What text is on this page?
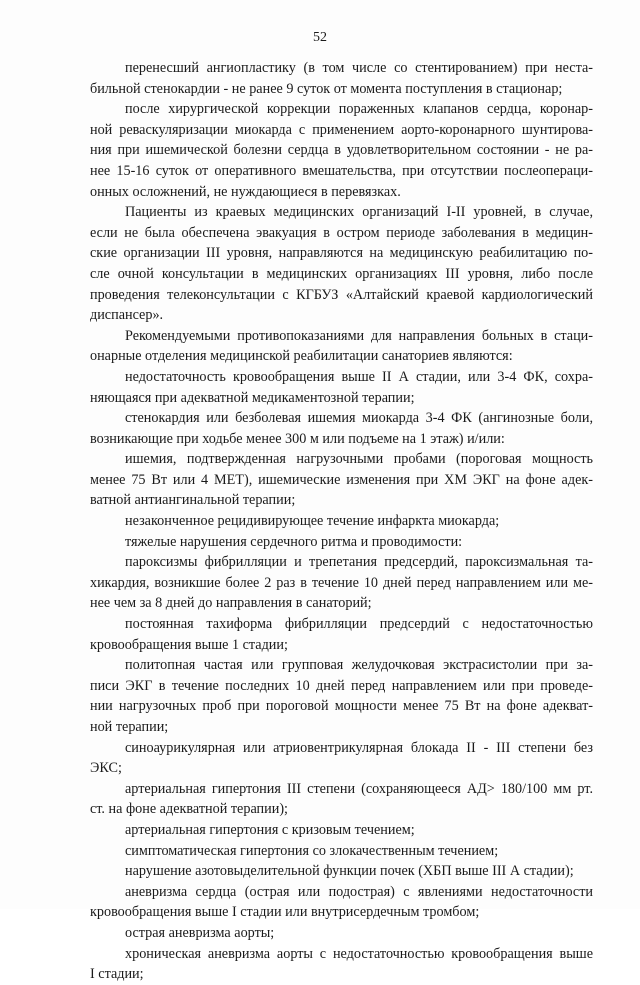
52
перенесший ангиопластику (в том числе со стентированием) при неста-
бильной стенокардии - не ранее 9 суток от момента поступления в стационар;
после хирургической коррекции пораженных клапанов сердца, коронар-
ной реваскуляризации миокарда с применением аорто-коронарного шунтирова-
ния при ишемической болезни сердца в удовлетворительном состоянии - не ра-
нее 15-16 суток от оперативного вмешательства, при отсутствии послеопераци-
онных осложнений, не нуждающиеся в перевязках.
Пациенты из краевых медицинских организаций I-II уровней, в случае,
если не была обеспечена эвакуация в остром периоде заболевания в медицин-
ские организации III уровня, направляются на медицинскую реабилитацию по-
сле очной консультации в медицинских организациях III уровня, либо после
проведения телеконсультации с КГБУЗ «Алтайский краевой кардиологический
диспансер».
Рекомендуемыми противопоказаниями для направления больных в стаци-
онарные отделения медицинской реабилитации санаториев являются:
недостаточность кровообращения выше II А стадии, или 3-4 ФК, сохра-
няющаяся при адекватной медикаментозной терапии;
стенокардия или безболевая ишемия миокарда 3-4 ФК (ангинозные боли,
возникающие при ходьбе менее 300 м или подъеме на 1 этаж) и/или:
ишемия, подтвержденная нагрузочными пробами (пороговая мощность
менее 75 Вт или 4 МЕТ), ишемические изменения при ХМ ЭКГ на фоне адек-
ватной антиангинальной терапии;
незаконченное рецидивирующее течение инфаркта миокарда;
тяжелые нарушения сердечного ритма и проводимости:
пароксизмы фибрилляции и трепетания предсердий, пароксизмальная та-
хикардия, возникшие более 2 раз в течение 10 дней перед направлением или ме-
нее чем за 8 дней до направления в санаторий;
постоянная тахиформа фибрилляции предсердий с недостаточностью
кровообращения выше 1 стадии;
политопная частая или групповая желудочковая экстрасистолии при за-
писи ЭКГ в течение последних 10 дней перед направлением или при проведе-
нии нагрузочных проб при пороговой мощности менее 75 Вт на фоне адекват-
ной терапии;
синоаурикулярная или атриовентрикулярная блокада II - III степени без
ЭКС;
артериальная гипертония III степени (сохраняющееся АД> 180/100 мм рт.
ст. на фоне адекватной терапии);
артериальная гипертония с кризовым течением;
симптоматическая гипертония со злокачественным течением;
нарушение азотовыделительной функции почек (ХБП выше III А стадии);
аневризма сердца (острая или подострая) с явлениями недостаточности
кровообращения выше I стадии или внутрисердечным тромбом;
острая аневризма аорты;
хроническая аневризма аорты с недостаточностью кровообращения выше
I стадии;
